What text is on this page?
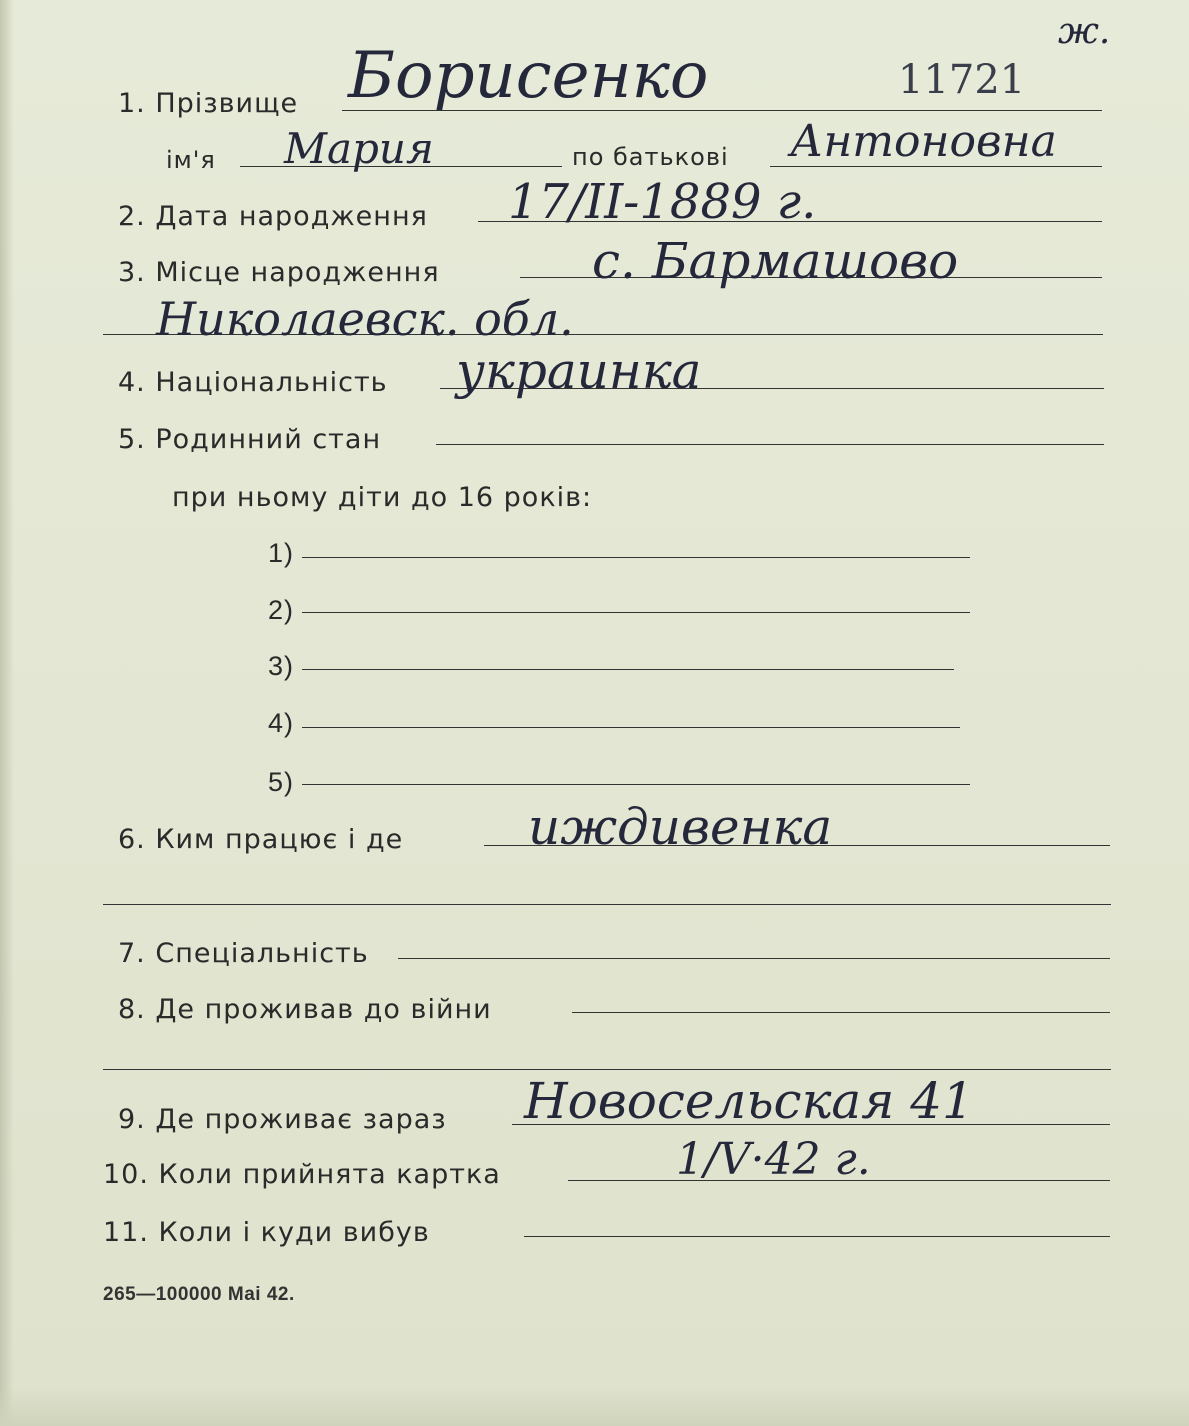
1. Прізвище
ім'я	по батькові
2. Дата народження
3. Місце народження
4. Національність
5. Родинний стан
при ньому діти до 16 років:
1)
2)
3)
4)
5)
6. Ким працює і де
7. Спеціальність
8. Де проживав до війни
9. Де проживає зараз
10. Коли прийнята картка
11. Коли і куди вибув
ж.
11721
Борисенко
Мария	Антоновна
17/II-1889 г.
с. Бармашово
Николаевск. обл.
украинка
иждивенка
Новосельская 41
1/V·42 г.
265—100000 Mai 42.
